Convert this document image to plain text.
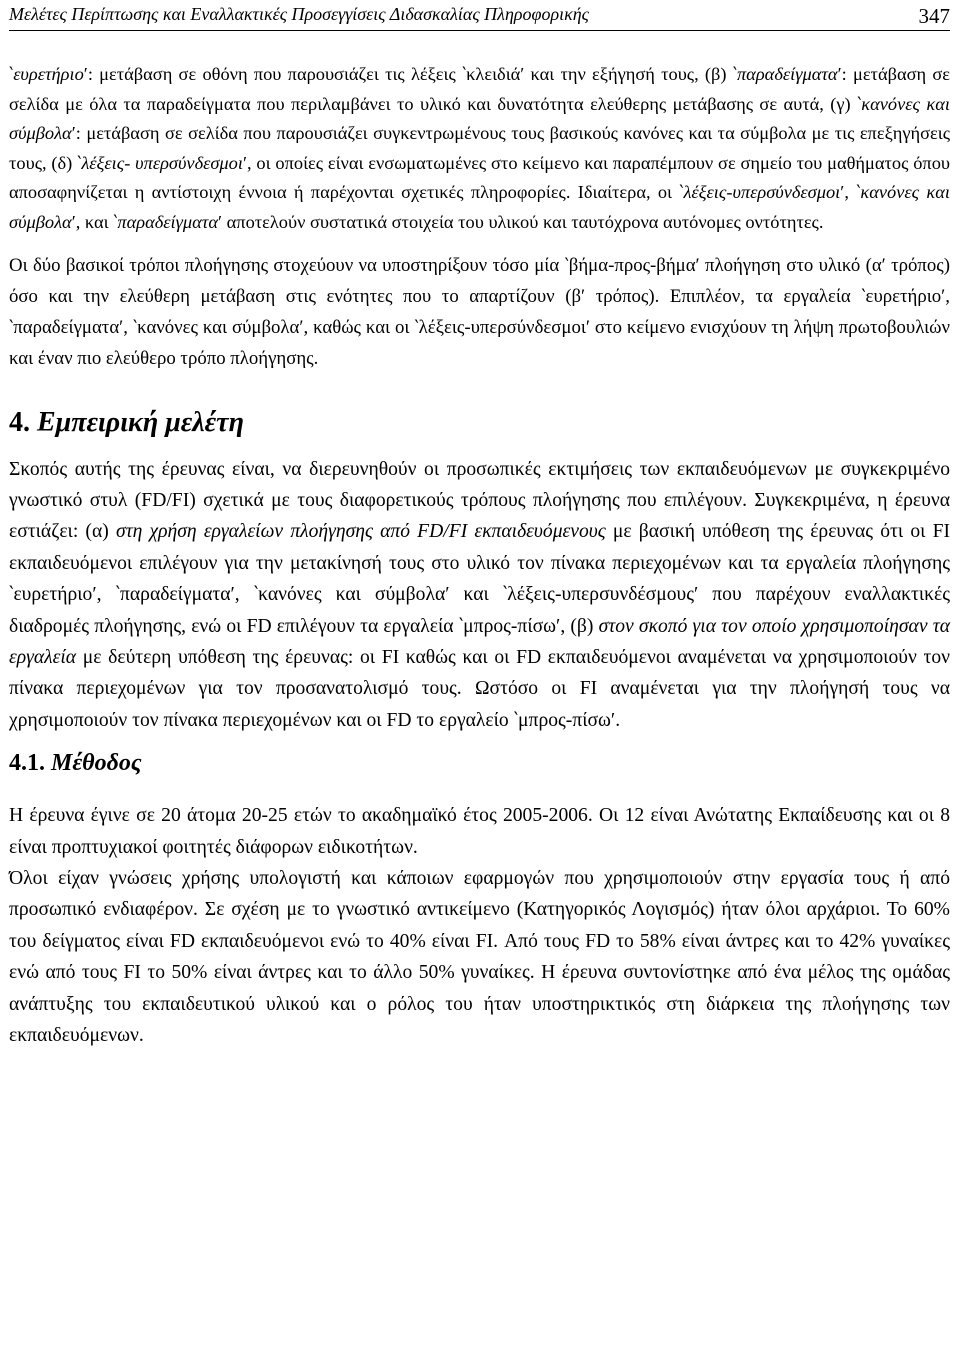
Μελέτες Περίπτωσης και Εναλλακτικές Προσεγγίσεις Διδασκαλίας Πληροφορικής	347

‵ευρετήριο′: μετάβαση σε οθόνη που παρουσιάζει τις λέξεις ‵κλειδιά′ και την εξήγησή τους, (β) ‵παραδείγματα′: μετάβαση σε σελίδα με όλα τα παραδείγματα που περιλαμβάνει το υλικό και δυνατότητα ελεύθερης μετάβασης σε αυτά, (γ) ‵κανόνες και σύμβολα′: μετάβαση σε σελίδα που παρουσιάζει συγκεντρωμένους τους βασικούς κανόνες και τα σύμβολα με τις επεξηγήσεις τους, (δ) ‵λέξεις- υπερσύνδεσμοι′, οι οποίες είναι ενσωματωμένες στο κείμενο και παραπέμπουν σε σημείο του μαθήματος όπου αποσαφηνίζεται η αντίστοιχη έννοια ή παρέχονται σχετικές πληροφορίες. Ιδιαίτερα, οι ‵λέξεις-υπερσύνδεσμοι′, ‵κανόνες και σύμβολα′, και ‵παραδείγματα′ αποτελούν συστατικά στοιχεία του υλικού και ταυτόχρονα αυτόνομες οντότητες.

Οι δύο βασικοί τρόποι πλοήγησης στοχεύουν να υποστηρίξουν τόσο μία ‵βήμα-προς-βήμα′ πλοήγηση στο υλικό (α′ τρόπος) όσο και την ελεύθερη μετάβαση στις ενότητες που το απαρτίζουν (β′ τρόπος). Επιπλέον, τα εργαλεία ‵ευρετήριο′, ‵παραδείγματα′, ‵κανόνες και σύμβολα′, καθώς και οι ‵λέξεις-υπερσύνδεσμοι′ στο κείμενο ενισχύουν τη λήψη πρωτοβουλιών και έναν πιο ελεύθερο τρόπο πλοήγησης.

4. Εμπειρική μελέτη

Σκοπός αυτής της έρευνας είναι, να διερευνηθούν οι προσωπικές εκτιμήσεις των εκπαιδευόμενων με συγκεκριμένο γνωστικό στυλ (FD/FI) σχετικά με τους διαφορετικούς τρόπους πλοήγησης που επιλέγουν. Συγκεκριμένα, η έρευνα εστιάζει: (α) στη χρήση εργαλείων πλοήγησης από FD/FI εκπαιδευόμενους με βασική υπόθεση της έρευνας ότι οι FI εκπαιδευόμενοι επιλέγουν για την μετακίνησή τους στο υλικό τον πίνακα περιεχομένων και τα εργαλεία πλοήγησης ‵ευρετήριο′, ‵παραδείγματα′, ‵κανόνες και σύμβολα′ και ‵λέξεις-υπερσυνδέσμους′ που παρέχουν εναλλακτικές διαδρομές πλοήγησης, ενώ οι FD επιλέγουν τα εργαλεία ‵μπρος-πίσω′, (β) στον σκοπό για τον οποίο χρησιμοποίησαν τα εργαλεία με δεύτερη υπόθεση της έρευνας: οι FI καθώς και οι FD εκπαιδευόμενοι αναμένεται να χρησιμοποιούν τον πίνακα περιεχομένων για τον προσανατολισμό τους. Ωστόσο οι FI αναμένεται για την πλοήγησή τους να χρησιμοποιούν τον πίνακα περιεχομένων και οι FD το εργαλείο ‵μπρος-πίσω′.

4.1. Μέθοδος

Η έρευνα έγινε σε 20 άτομα 20-25 ετών το ακαδημαϊκό έτος 2005-2006. Οι 12 είναι Ανώτατης Εκπαίδευσης και οι 8 είναι προπτυχιακοί φοιτητές διάφορων ειδικοτήτων.

Όλοι είχαν γνώσεις χρήσης υπολογιστή και κάποιων εφαρμογών που χρησιμοποιούν στην εργασία τους ή από προσωπικό ενδιαφέρον. Σε σχέση με το γνωστικό αντικείμενο (Κατηγορικός Λογισμός) ήταν όλοι αρχάριοι. Το 60% του δείγματος είναι FD εκπαιδευόμενοι ενώ το 40% είναι FI. Από τους FD το 58% είναι άντρες και το 42% γυναίκες ενώ από τους FI το 50% είναι άντρες και το άλλο 50% γυναίκες. Η έρευνα συντονίστηκε από ένα μέλος της ομάδας ανάπτυξης του εκπαιδευτικού υλικού και ο ρόλος του ήταν υποστηρικτικός στη διάρκεια της πλοήγησης των εκπαιδευόμενων.
